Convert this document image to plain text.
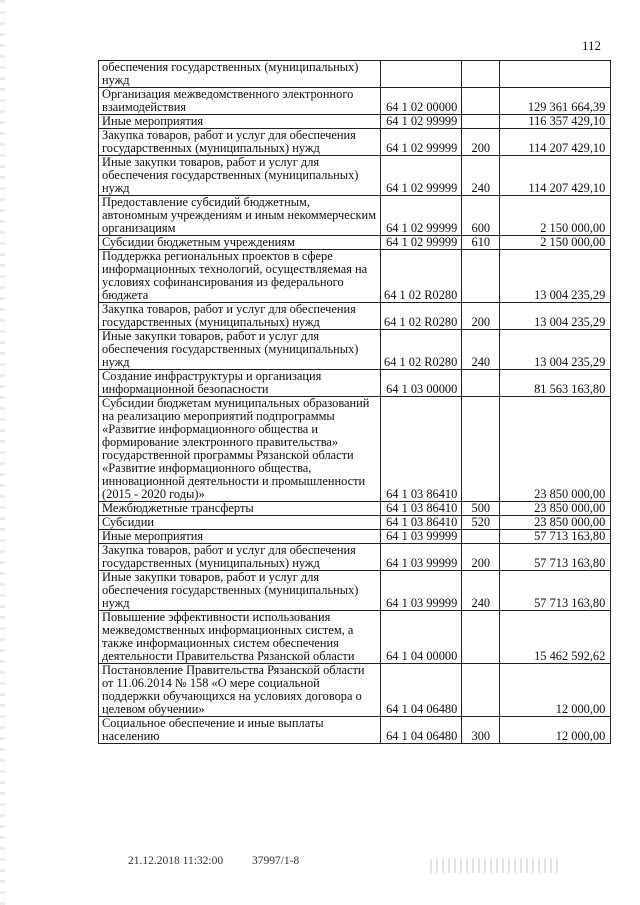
112
обеспечения государственных (муниципальных) нужд			
Организация межведомственного электронного взаимодействия	64 1 02 00000		129 361 664,39
Иные мероприятия	64 1 02 99999		116 357 429,10
Закупка товаров, работ и услуг для обеспечения государственных (муниципальных) нужд	64 1 02 99999	200	114 207 429,10
Иные закупки товаров, работ и услуг для обеспечения государственных (муниципальных) нужд	64 1 02 99999	240	114 207 429,10
Предоставление субсидий бюджетным, автономным учреждениям и иным некоммерческим организациям	64 1 02 99999	600	2 150 000,00
Субсидии бюджетным учреждениям	64 1 02 99999	610	2 150 000,00
Поддержка региональных проектов в сфере информационных технологий, осуществляемая на условиях софинансирования из федерального бюджета	64 1 02 R0280		13 004 235,29
Закупка товаров, работ и услуг для обеспечения государственных (муниципальных) нужд	64 1 02 R0280	200	13 004 235,29
Иные закупки товаров, работ и услуг для обеспечения государственных (муниципальных) нужд	64 1 02 R0280	240	13 004 235,29
Создание инфраструктуры и организация информационной безопасности	64 1 03 00000		81 563 163,80
Субсидии бюджетам муниципальных образований на реализацию мероприятий подпрограммы «Развитие информационного общества и формирование электронного правительства» государственной программы Рязанской области «Развитие информационного общества, инновационной деятельности и промышленности (2015 - 2020 годы)»	64 1 03 86410		23 850 000,00
Межбюджетные трансферты	64 1 03 86410	500	23 850 000,00
Субсидии	64 1 03 86410	520	23 850 000,00
Иные мероприятия	64 1 03 99999		57 713 163,80
Закупка товаров, работ и услуг для обеспечения государственных (муниципальных) нужд	64 1 03 99999	200	57 713 163,80
Иные закупки товаров, работ и услуг для обеспечения государственных (муниципальных) нужд	64 1 03 99999	240	57 713 163,80
Повышение эффективности использования межведомственных информационных систем, а также информационных систем обеспечения деятельности Правительства Рязанской области	64 1 04 00000		15 462 592,62
Постановление Правительства Рязанской области от 11.06.2014 № 158 «О мере социальной поддержки обучающихся на условиях договора о целевом обучении»	64 1 04 06480		12 000,00
Социальное обеспечение и иные выплаты населению	64 1 04 06480	300	12 000,00
21.12.2018 11:32:00	37997/1-8
